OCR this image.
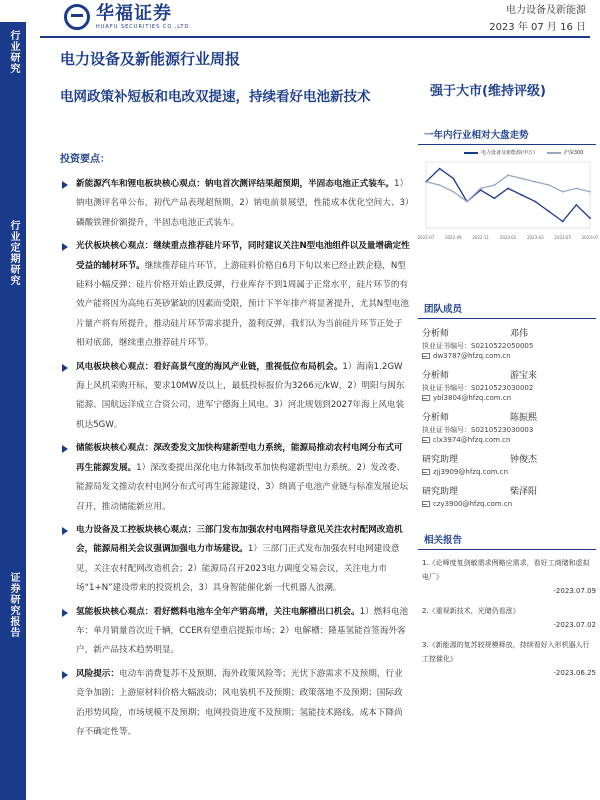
行业研究
行业定期研究
证券研究报告
华福证券
HUAFU SECURITIES CO.,LTD.
电力设备及新能源
2023 年 07 月 16 日
电力设备及新能源行业周报
电网政策补短板和电改双提速，持续看好电池新技术	强于大市(维持评级)
投资要点：
新能源汽车和锂电板块核心观点：钠电首次测评结果超预期，半固态电池正式装车。1）钠电测评名单公布，初代产品表现超预期，2）钠电前景展望，性能成本优化空间大、3）磷酸铁锂价额提升，半固态电池正式装车。
光伏板块核心观点：继续重点推荐硅片环节，同时建议关注N型电池组件以及量增确定性受益的辅材环节。继续推荐硅片环节，上游硅料价格自6月下旬以来已经止跌企稳，N型硅料小幅反弹；硅片价格开始止跌反弹，行业库存不到1周属于正常水平，硅片环节的有效产能将因为高纯石英砂紧缺的因素而受限，预计下半年排产将显著提升，尤其N型电池片量产将有所提升，推动硅片环节需求提升，盈利反弹，我们认为当前硅片环节正处于相对底部，继续重点推荐硅片环节。
风电板块核心观点：看好高景气度的海风产业链，重视低位布局机会。1）海南1.2GW海上风机采购开标，要求10MW及以上，最低投标报价为3266元/kW，2）明阳与闽东能源、国航远洋成立合资公司，进军宁德海上风电、3）河北规划到2027年海上风电装机达5GW。
储能板块核心观点：深改委发文加快构建新型电力系统，能源局推动农村电网分布式可再生能源发展。1）深改委提出深化电力体制改革加快构建新型电力系统。2）发改委、能源局发文推动农村电网分布式可再生能源建设、3）纳离子电池产业链与标准发展论坛召开，推动储能新应用。
电力设备及工控板块核心观点：三部门发布加强农村电网指导意见关注农村配网改造机会，能源局相关会议强调加强电力市场建设。1）三部门正式发布加强农村电网建设意见，关注农村配网改造机会；2）能源局召开2023电力调度交易会议，关注电力市场“1+N”建设带来的投资机会，3）具身智能催化新一代机器人浪潮。
氢能板块核心观点：看好燃料电池车全年产销高增，关注电解槽出口机会。1）燃料电池车：单月销量首次近千辆，CCER有望重启提振市场；2）电解槽：隆基氢能首签海外客户，新产品技术趋势明显。
风险提示：电动车消费复苏不及预期、海外政策风险等；光伏下游需求不及预期，行业竞争加剧；上游原材料价格大幅波动；风电装机不及预期；政策落地不及预期；国际政治形势风险，市场规模不及预期；电网投资进度不及预期；氢能技术路线、成本下降尚存不确定性等。
一年内行业相对大盘走势
电力设备及新能源(申万)	沪深300
2022-07	2022-09	2022-11	2023-01	2023-03	2023-05	2023-07
团队成员
分析师	邓伟
执业证书编号：S0210522050005
dw3787@hfzq.com.cn
分析师	游宝来
执业证书编号：S0210523030002
ybl3804@hfzq.com.cn
分析师	陈振熙
执业证书编号：S0210523030003
clx3974@hfzq.com.cn
研究助理	钟俊杰
zjj3909@hfzq.com.cn
研究助理	柴泽阳
czy3900@hfzq.com.cn
相关报告
1.《论峰度复剑敏需求例略应需求，看好工商储和虚拟电厂》
-2023.07.09
2.《重视新技术，光储仍看涨》
-2023.07.02
3.《新能源的复苏较规模释放，持续看好入形机器人行工控催化》
-2023.06.25
